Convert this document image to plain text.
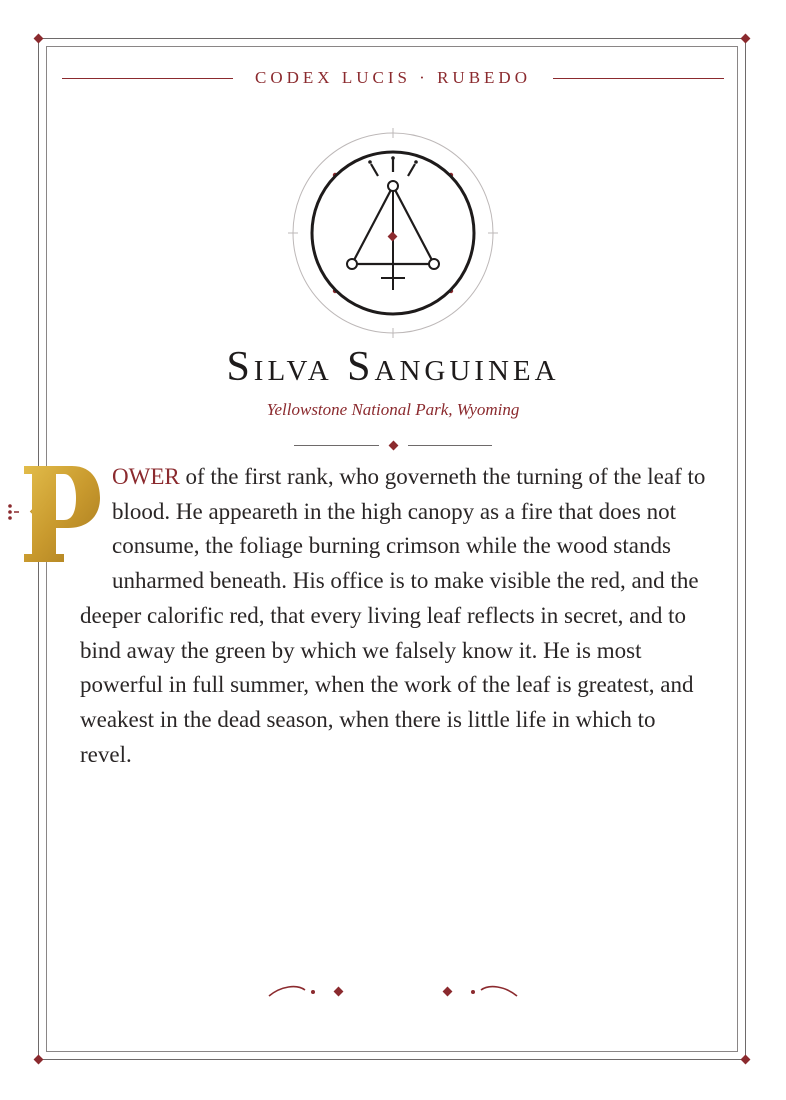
CODEX LUCIS · RUBEDO
Silva Sanguinea
Yellowstone National Park, Wyoming
OWER of the first rank, who governeth the turning of the leaf to blood. He appeareth in the high canopy as a fire that does not consume, the foliage burning crimson while the wood stands unharmed beneath. His office is to make visible the red, and the deeper calorific red, that every living leaf reflects in secret, and to bind away the green by which we falsely know it. He is most powerful in full summer, when the work of the leaf is greatest, and weakest in the dead season, when there is little life in which to revel.
